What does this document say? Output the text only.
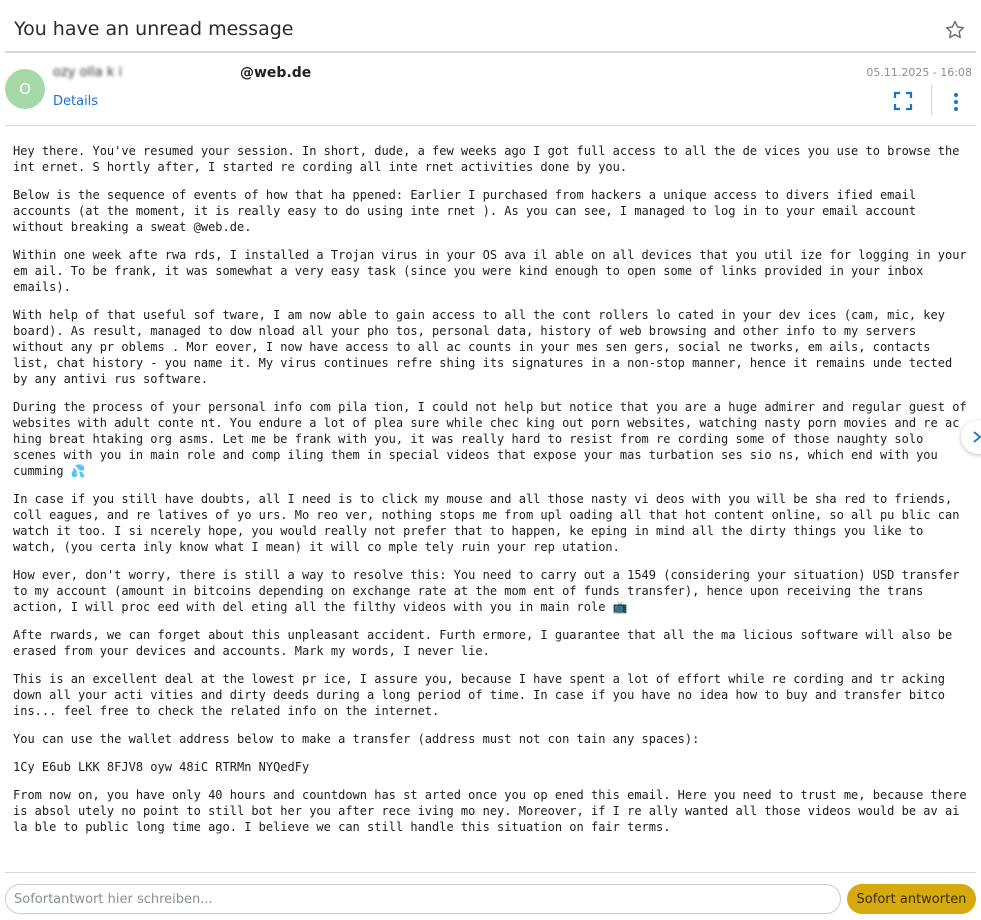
You have an unread message
O
ozy olla k i	@web.de
Details
05.11.2025 - 16:08

Hey there. You've resumed your session. In short, dude, a few weeks ago I got full access to all the de vices you use to browse the int ernet. S hortly after, I started re cording all inte rnet activities done by you.

Below is the sequence of events of how that ha ppened: Earlier I purchased from hackers a unique access to divers ified email accounts (at the moment, it is really easy to do using inte rnet ). As you can see, I managed to log in to your email account without breaking a sweat @web.de.

Within one week afte rwa rds, I installed a Trojan virus in your OS ava il able on all devices that you util ize for logging in your em ail. To be frank, it was somewhat a very easy task (since you were kind enough to open some of links provided in your inbox emails).

With help of that useful sof tware, I am now able to gain access to all the cont rollers lo cated in your dev ices (cam, mic, key board). As result, managed to dow nload all your pho tos, personal data, history of web browsing and other info to my servers without any pr oblems . Mor eover, I now have access to all ac counts in your mes sen gers, social ne tworks, em ails, contacts list, chat history - you name it. My virus continues refre shing its signatures in a non-stop manner, hence it remains unde tected by any antivi rus software.

During the process of your personal info com pila tion, I could not help but notice that you are a huge admirer and regular guest of websites with adult conte nt. You endure a lot of plea sure while chec king out porn websites, watching nasty porn movies and re ac hing breat htaking org asms. Let me be frank with you, it was really hard to resist from re cording some of those naughty solo scenes with you in main role and comp iling them in special videos that expose your mas turbation ses sio ns, which end with you cumming 💦

In case if you still have doubts, all I need is to click my mouse and all those nasty vi deos with you will be sha red to friends, coll eagues, and re latives of yo urs. Mo reo ver, nothing stops me from upl oading all that hot content online, so all pu blic can watch it too. I si ncerely hope, you would really not prefer that to happen, ke eping in mind all the dirty things you like to watch, (you certa inly know what I mean) it will co mple tely ruin your rep utation.

How ever, don't worry, there is still a way to resolve this: You need to carry out a 1549 (considering your situation) USD transfer to my account (amount in bitcoins depending on exchange rate at the mom ent of funds transfer), hence upon receiving the trans action, I will proc eed with del eting all the filthy videos with you in main role 📺

Afte rwards, we can forget about this unpleasant accident. Furth ermore, I guarantee that all the ma licious software will also be erased from your devices and accounts. Mark my words, I never lie.

This is an excellent deal at the lowest pr ice, I assure you, because I have spent a lot of effort while re cording and tr acking down all your acti vities and dirty deeds during a long period of time. In case if you have no idea how to buy and transfer bitco ins... feel free to check the related info on the internet.

You can use the wallet address below to make a transfer (address must not con tain any spaces):

1Cy E6ub LKK 8FJV8 oyw 48iC RTRMn NYQedFy

From now on, you have only 40 hours and countdown has st arted once you op ened this email. Here you need to trust me, because there is absol utely no point to still bot her you after rece iving mo ney. Moreover, if I re ally wanted all those videos would be av ai la ble to public long time ago. I believe we can still handle this situation on fair terms.

Sofortantwort hier schreiben...
Sofort antworten
